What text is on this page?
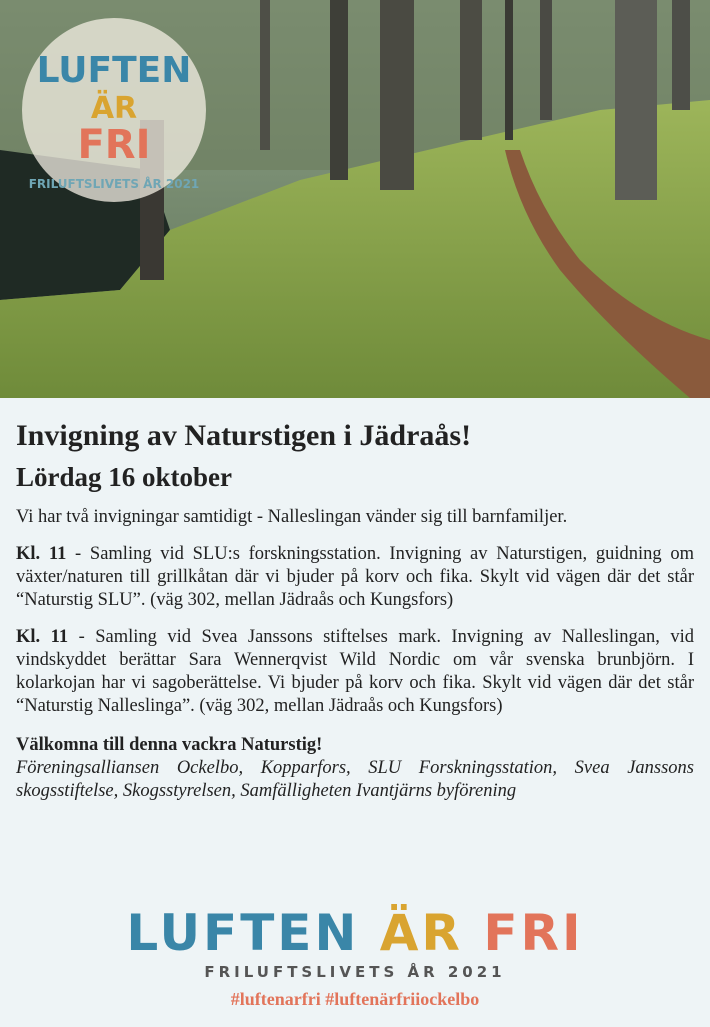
LUFTEN
ÄR
FRI
FRILUFTSLIVETS ÅR 2021
Invigning av Naturstigen i Jädraås!
Lördag 16 oktober

Vi har två invigningar samtidigt - Nalleslingan vänder sig till barnfamiljer.

Kl. 11 - Samling vid SLU:s forskningsstation. Invigning av Naturstigen, guidning om växter/naturen till grillkåtan där vi bjuder på korv och fika. Skylt vid vägen där det står “Naturstig SLU”. (väg 302, mellan Jädraås och Kungsfors)

Kl. 11 - Samling vid Svea Janssons stiftelses mark. Invigning av Nalleslingan, vid vindskyddet berättar Sara Wennerqvist Wild Nordic om vår svenska brunbjörn. I kolarkojan har vi sagoberättelse. Vi bjuder på korv och fika. Skylt vid vägen där det står “Naturstig Nalleslinga”. (väg 302, mellan Jädraås och Kungsfors)

Välkomna till denna vackra Naturstig!

Föreningsalliansen Ockelbo, Kopparfors, SLU Forskningsstation, Svea Janssons skogsstiftelse, Skogsstyrelsen, Samfälligheten Ivantjärns byförening

LUFTEN ÄR FRI
FRILUFTSLIVETS ÅR 2021
#luftenarfri #luftenärfriiockelbo
